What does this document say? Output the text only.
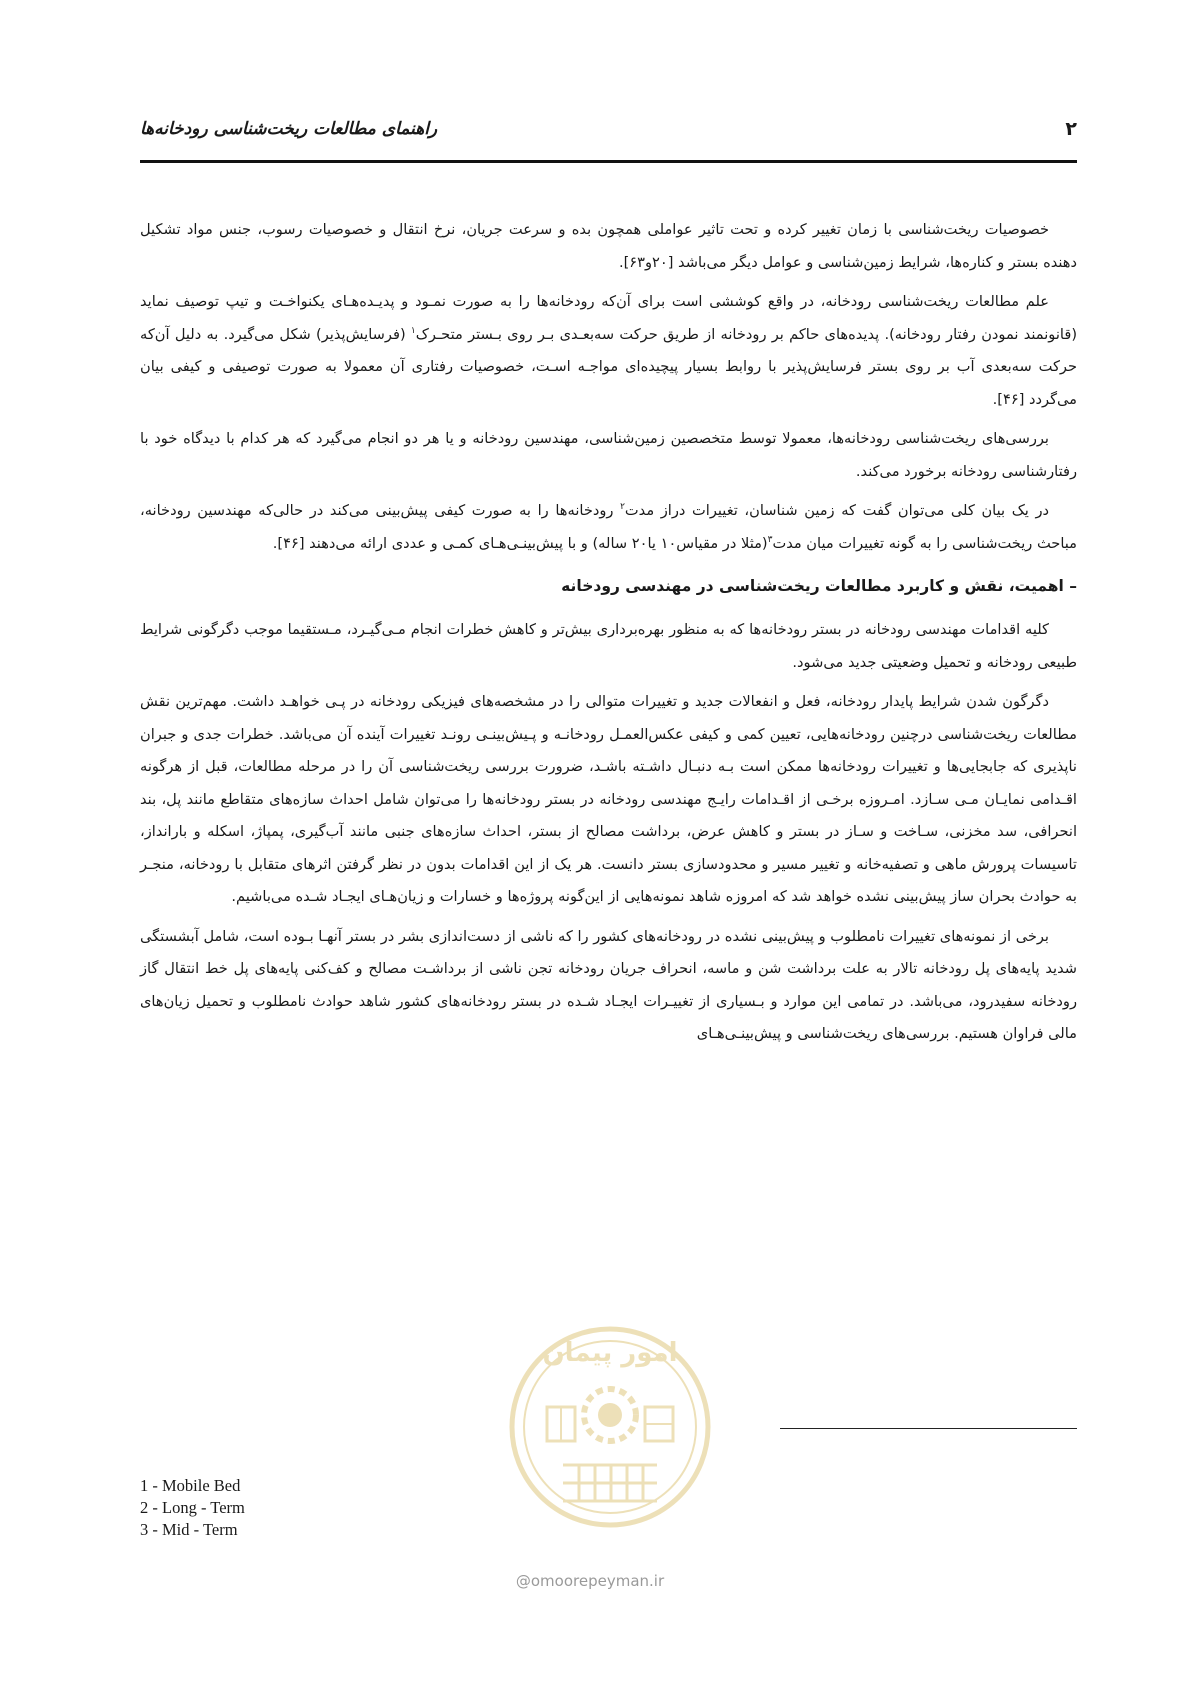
۲
راهنمای مطالعات ریخت‌شناسی رودخانه‌ها

خصوصیات ریخت‌شناسی با زمان تغییر کرده و تحت تاثیر عواملی همچون بده و سرعت جریان، نرخ انتقال و خصوصیات رسوب، جنس مواد تشکیل دهنده بستر و کناره‌ها، شرایط زمین‌شناسی و عوامل دیگر می‌باشد [۲۰و۶۳].

علم مطالعات ریخت‌شناسی رودخانه، در واقع کوششی است برای آن‌که رودخانه‌ها را به صورت نمـود و پدیـده‌هـای یکنواخـت و تیپ توصیف نماید (قانونمند نمودن رفتار رودخانه). پدیده‌های حاکم بر رودخانه از طریق حرکت سه‌بعـدی بـر روی بـستر متحـرک$^۱$ (فرسایش‌پذیر) شکل می‌گیرد. به دلیل آن‌که حرکت سه‌بعدی آب بر روی بستر فرسایش‌پذیر با روابط بسیار پیچیده‌ای مواجـه اسـت، خصوصیات رفتاری آن معمولا به صورت توصیفی و کیفی بیان می‌گردد [۴۶].

بررسی‌های ریخت‌شناسی رودخانه‌ها، معمولا توسط متخصصین زمین‌شناسی، مهندسین رودخانه و یا هر دو انجام می‌گیرد که هر کدام با دیدگاه خود با رفتارشناسی رودخانه برخورد می‌کند.

در یک بیان کلی می‌توان گفت که زمین شناسان، تغییرات دراز مدت$^۲$ رودخانه‌ها را به صورت کیفی پیش‌بینی می‌کند در حالی‌که مهندسین رودخانه، مباحث ریخت‌شناسی را به گونه تغییرات میان مدت$^۳$(مثلا در مقیاس۱۰ یا۲۰ ساله) و با پیش‌بینـی‌هـای کمـی و عددی ارائه می‌دهند [۴۶].

– اهمیت، نقش و کاربرد مطالعات ریخت‌شناسی در مهندسی رودخانه

کلیه اقدامات مهندسی رودخانه در بستر رودخانه‌ها که به منظور بهره‌برداری بیش‌تر و کاهش خطرات انجام مـی‌گیـرد، مـستقیما موجب دگرگونی شرایط طبیعی رودخانه و تحمیل وضعیتی جدید می‌شود.

دگرگون شدن شرایط پایدار رودخانه، فعل و انفعالات جدید و تغییرات متوالی را در مشخصه‌های فیزیکی رودخانه در پـی خواهـد داشت. مهم‌ترین نقش مطالعات ریخت‌شناسی درچنین رودخانه‌هایی، تعیین کمی و کیفی عکس‌العمـل رودخانـه و پـیش‌بینـی رونـد تغییرات آینده آن می‌باشد. خطرات جدی و جبران ناپذیری که جابجایی‌ها و تغییرات رودخانه‌ها ممکن است بـه دنبـال داشـته باشـد، ضرورت بررسی ریخت‌شناسی آن را در مرحله مطالعات، قبل از هرگونه اقـدامی نمایـان مـی سـازد. امـروزه برخـی از اقـدامات رایـج مهندسی رودخانه در بستر رودخانه‌ها را می‌توان شامل احداث سازه‌های متقاطع مانند پل، بند انحرافی، سد مخزنی، سـاخت و سـاز در بستر و کاهش عرض، برداشت مصالح از بستر، احداث سازه‌های جنبی مانند آب‌گیری، پمپاژ، اسکله و بارانداز، تاسیسات پرورش ماهی و تصفیه‌خانه و تغییر مسیر و محدودسازی بستر دانست. هر یک از این اقدامات بدون در نظر گرفتن اثرهای متقابل با رودخانه، منجـر به حوادث بحران ساز پیش‌بینی نشده خواهد شد که امروزه شاهد نمونه‌هایی از این‌گونه پروژه‌ها و خسارات و زیان‌هـای ایجـاد شـده می‌باشیم.

برخی از نمونه‌های تغییرات نامطلوب و پیش‌بینی نشده در رودخانه‌های کشور را که ناشی از دست‌اندازی بشر در بستر آنهـا بـوده است، شامل آبشستگی شدید پایه‌های پل رودخانه تالار به علت برداشت شن و ماسه، انحراف جریان رودخانه تجن ناشی از برداشـت مصالح و کف‌کنی پایه‌های پل خط انتقال گاز رودخانه سفیدرود، می‌باشد. در تمامی این موارد و بـسیاری از تغییـرات ایجـاد شـده در بستر رودخانه‌های کشور شاهد حوادث نامطلوب و تحمیل زیان‌های مالی فراوان هستیم. بررسی‌های ریخت‌شناسی و پیش‌بینـی‌هـای

1 - Mobile Bed
2 - Long - Term
3 - Mid - Term
امور پیمان
@omoorepeyman.ir
